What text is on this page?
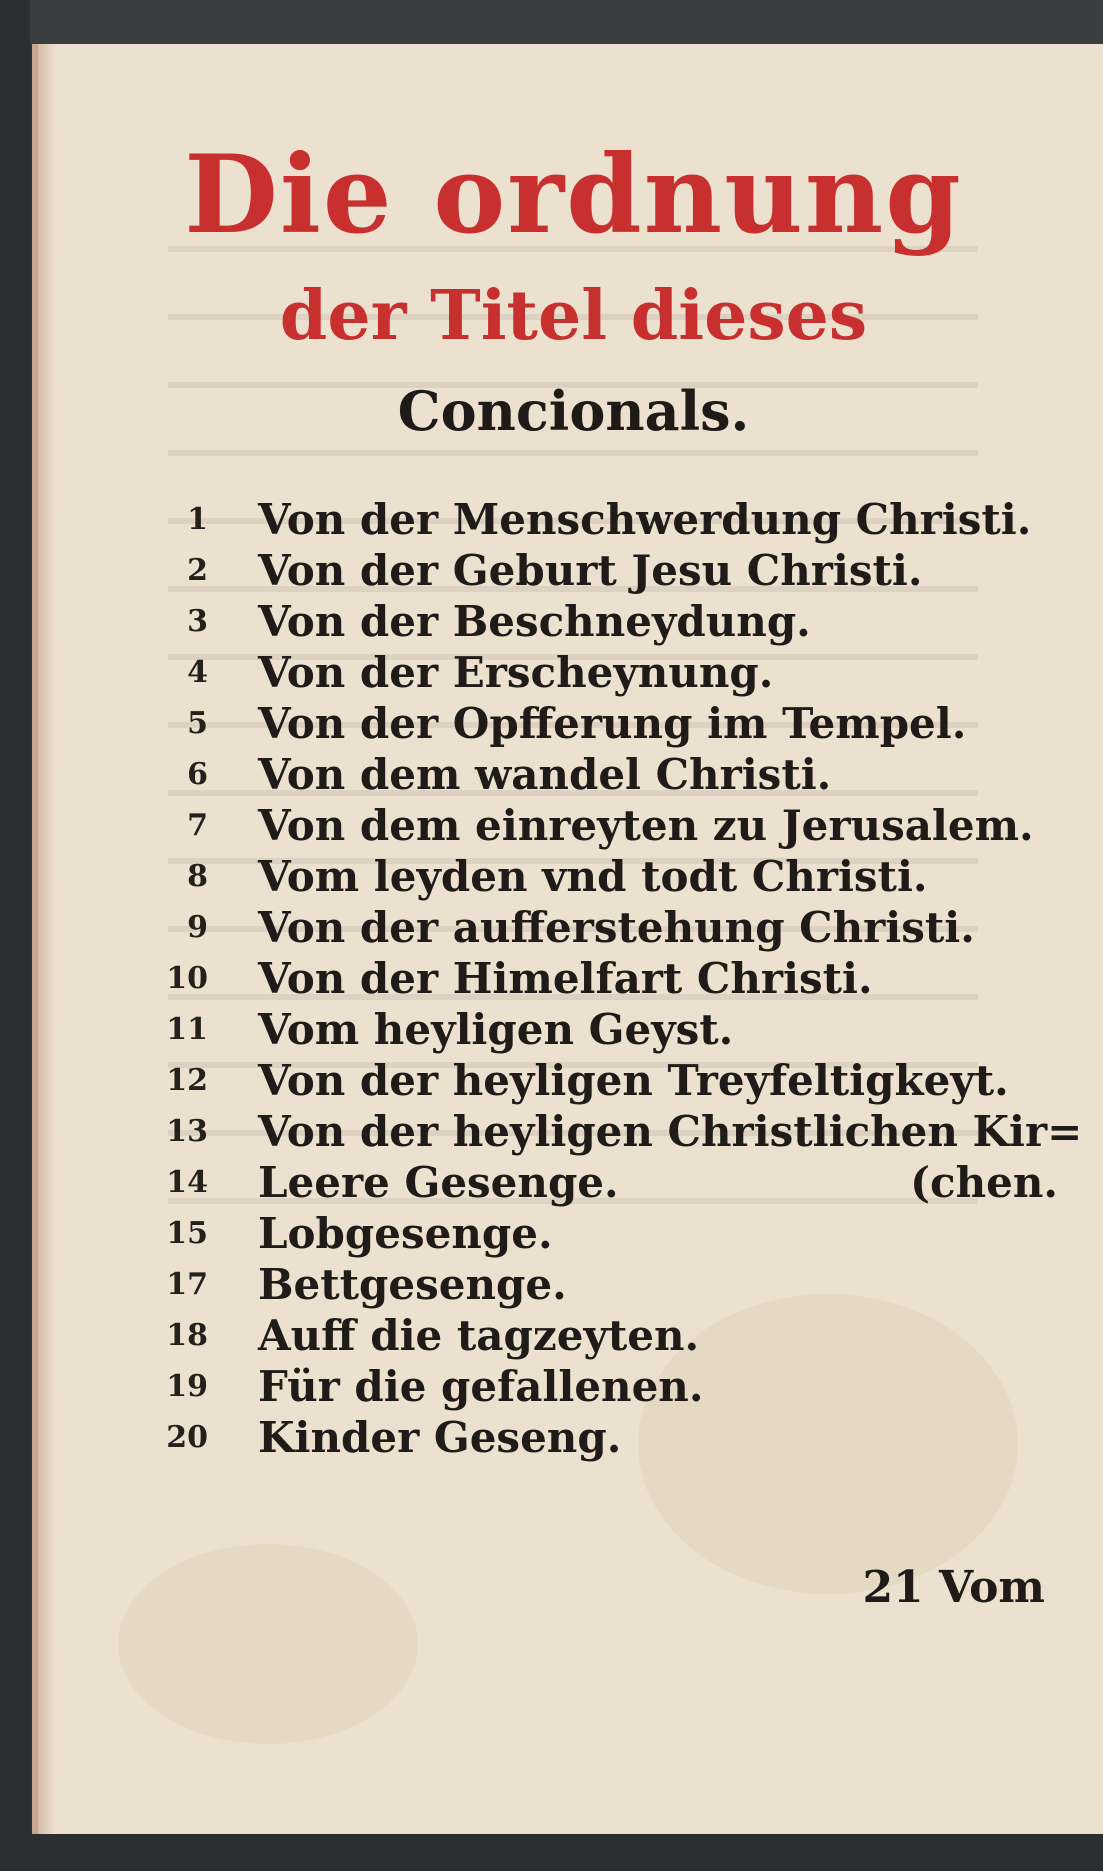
Die ordnung
der Titel dieses
Concionals.
1 Von der Menschwerdung Christi.
2 Von der Geburt Jesu Christi.
3 Von der Beschneydung.
4 Von der Erscheynung.
5 Von der Opfferung im Tempel.
6 Von dem wandel Christi.
7 Von dem einreyten zu Jerusalem.
8 Vom leyden vnd todt Christi.
9 Von der aufferstehung Christi.
10 Von der Himelfart Christi.
11 Vom heyligen Geyst.
12 Von der heyligen Treyfeltigkeyt.
13 Von der heyligen Christlichen Kir=
14 Leere Gesenge.	(chen.
15 Lobgesenge.
17 Bettgesenge.
18 Auff die tagzeyten.
19 Für die gefallenen.
20 Kinder Geseng.
21 Vom
